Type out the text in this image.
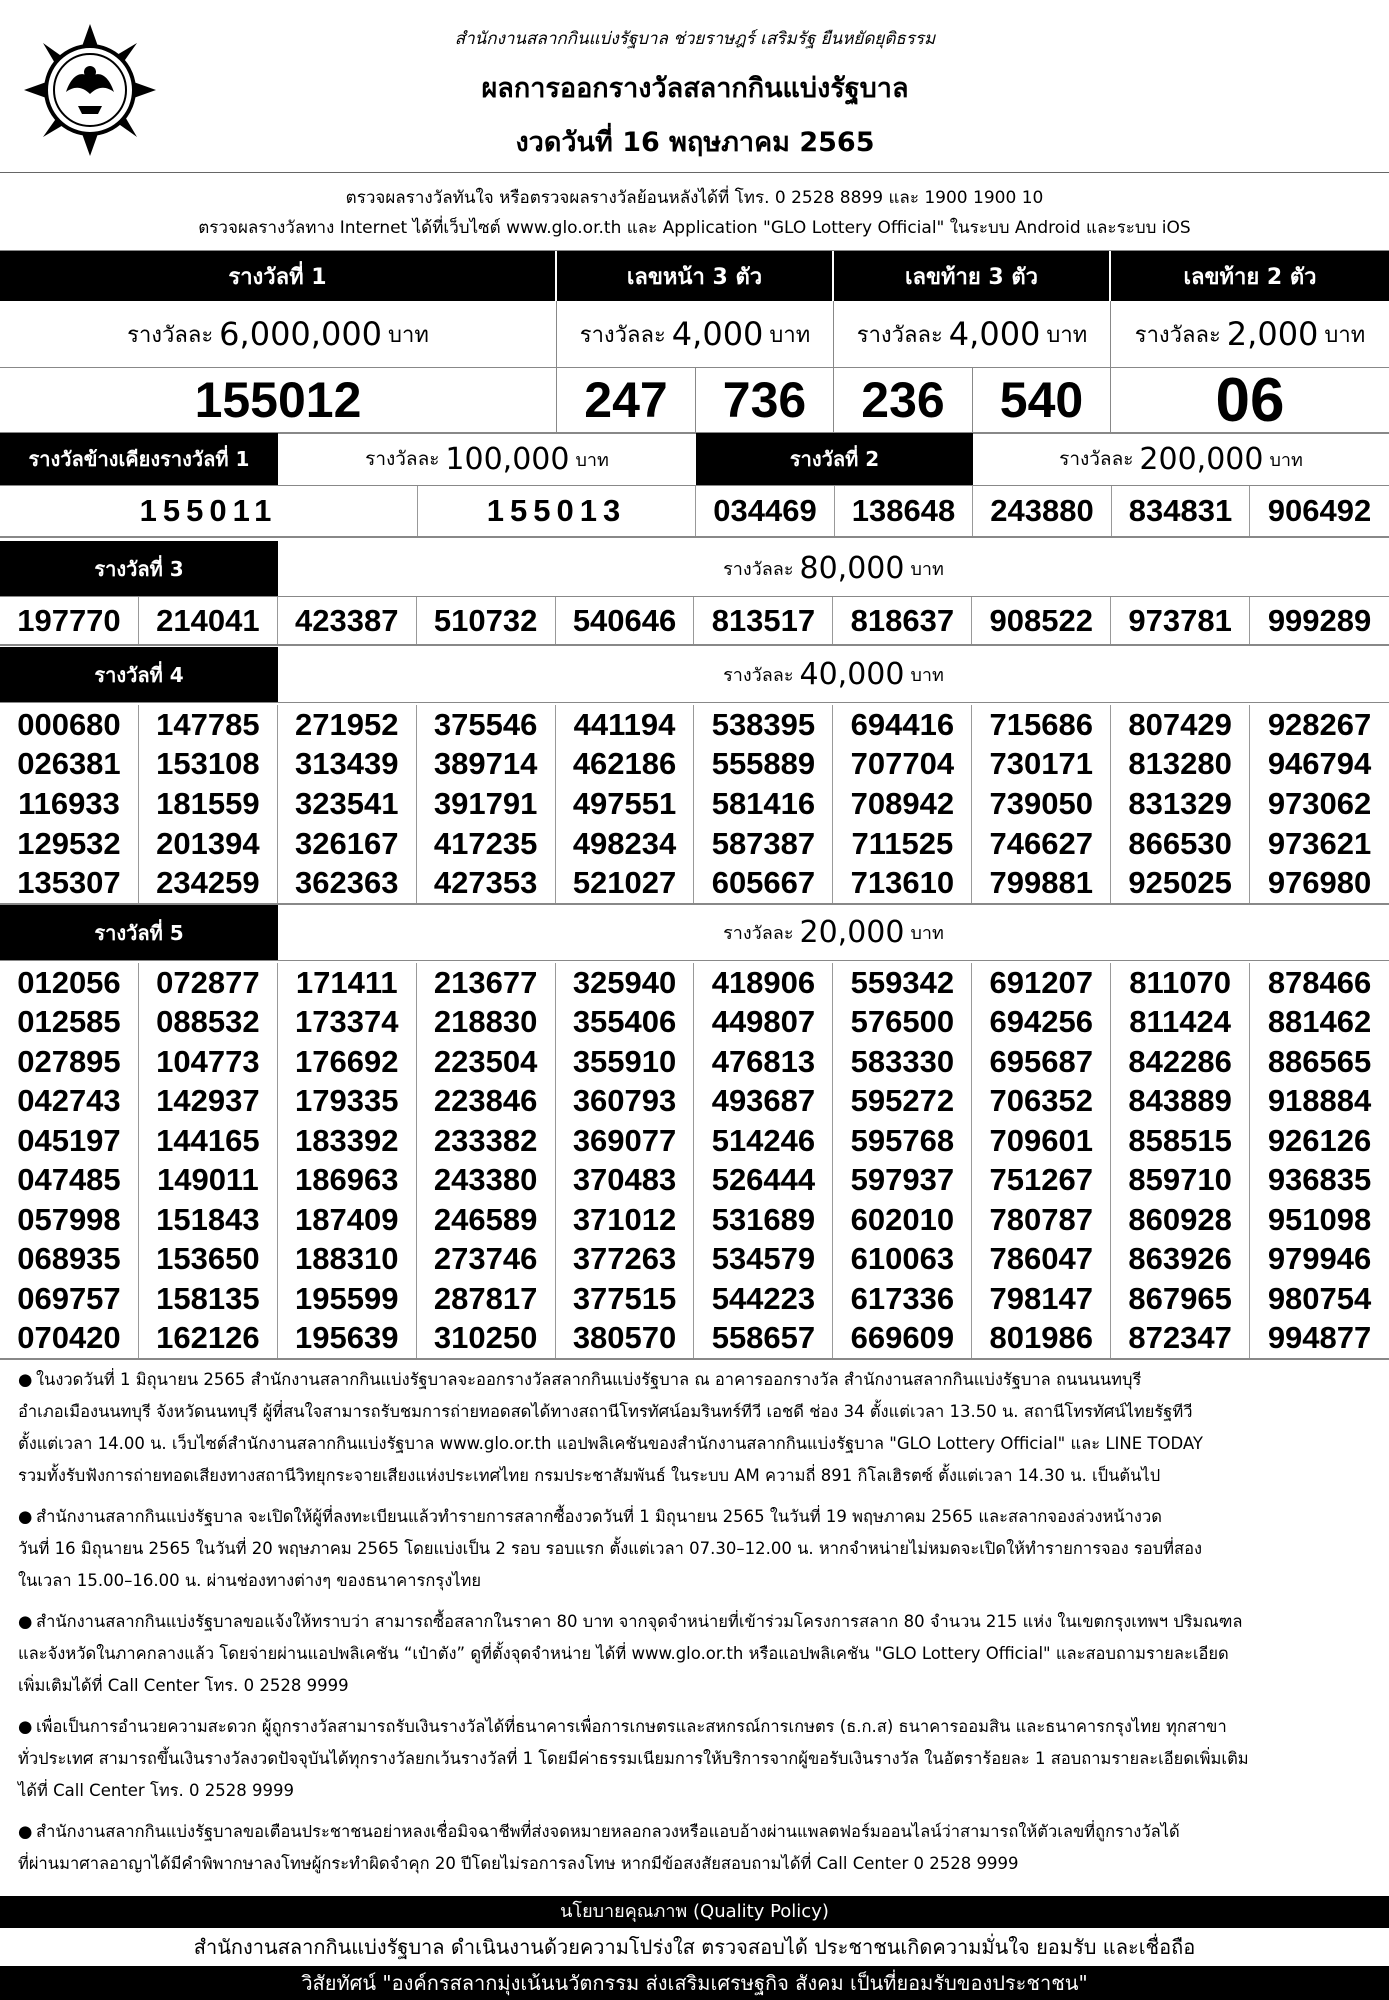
สำนักงานสลากกินแบ่งรัฐบาล ช่วยราษฎร์ เสริมรัฐ ยืนหยัดยุติธรรม
ผลการออกรางวัลสลากกินแบ่งรัฐบาล
งวดวันที่ 16 พฤษภาคม 2565
ตรวจผลรางวัลทันใจ หรือตรวจผลรางวัลย้อนหลังได้ที่ โทร. 0 2528 8899 และ 1900 1900 10
ตรวจผลรางวัลทาง Internet ได้ที่เว็บไซต์ www.glo.or.th และ Application "GLO Lottery Official" ในระบบ Android และระบบ iOS
รางวัลที่ 1	เลขหน้า 3 ตัว	เลขท้าย 3 ตัว	เลขท้าย 2 ตัว
รางวัลละ 6,000,000 บาท	รางวัลละ 4,000 บาท รางวัลละ 4,000 บาท รางวัลละ 2,000 บาท
155012	247	736	236	540	06
รางวัลข้างเคียงรางวัลที่ 1	รางวัลละ 100,000 บาท	รางวัลที่ 2	รางวัลละ 200,000 บาท
155011	155013	034469	138648	243880	834831	906492
รางวัลที่ 3	รางวัลละ 80,000 บาท
197770	214041	423387	510732	540646	813517	818637	908522	973781	999289
รางวัลที่ 4	รางวัลละ 40,000 บาท
000680	147785	271952	375546	441194	538395	694416	715686	807429	928267
026381	153108	313439	389714	462186	555889	707704	730171	813280	946794
116933	181559	323541	391791	497551	581416	708942	739050	831329	973062
129532	201394	326167	417235	498234	587387	711525	746627	866530	973621
135307	234259	362363	427353	521027	605667	713610	799881	925025	976980
รางวัลที่ 5	รางวัลละ 20,000 บาท
012056	072877	171411	213677	325940	418906	559342	691207	811070	878466
012585	088532	173374	218830	355406	449807	576500	694256	811424	881462
027895	104773	176692	223504	355910	476813	583330	695687	842286	886565
042743	142937	179335	223846	360793	493687	595272	706352	843889	918884
045197	144165	183392	233382	369077	514246	595768	709601	858515	926126
047485	149011	186963	243380	370483	526444	597937	751267	859710	936835
057998	151843	187409	246589	371012	531689	602010	780787	860928	951098
068935	153650	188310	273746	377263	534579	610063	786047	863926	979946
069757	158135	195599	287817	377515	544223	617336	798147	867965	980754
070420	162126	195639	310250	380570	558657	669609	801986	872347	994877
● ในงวดวันที่ 1 มิถุนายน 2565 สำนักงานสลากกินแบ่งรัฐบาลจะออกรางวัลสลากกินแบ่งรัฐบาล ณ อาคารออกรางวัล สำนักงานสลากกินแบ่งรัฐบาล ถนนนนทบุรี
อำเภอเมืองนนทบุรี จังหวัดนนทบุรี ผู้ที่สนใจสามารถรับชมการถ่ายทอดสดได้ทางสถานีโทรทัศน์อมรินทร์ทีวี เอชดี ช่อง 34 ตั้งแต่เวลา 13.50 น. สถานีโทรทัศน์ไทยรัฐทีวี
ตั้งแต่เวลา 14.00 น. เว็บไซต์สำนักงานสลากกินแบ่งรัฐบาล www.glo.or.th แอปพลิเคชันของสำนักงานสลากกินแบ่งรัฐบาล "GLO Lottery Official" และ LINE TODAY
รวมทั้งรับฟังการถ่ายทอดเสียงทางสถานีวิทยุกระจายเสียงแห่งประเทศไทย กรมประชาสัมพันธ์ ในระบบ AM ความถี่ 891 กิโลเฮิรตซ์ ตั้งแต่เวลา 14.30 น. เป็นต้นไป
● สำนักงานสลากกินแบ่งรัฐบาล จะเปิดให้ผู้ที่ลงทะเบียนแล้วทำรายการสลากซื้องวดวันที่ 1 มิถุนายน 2565 ในวันที่ 19 พฤษภาคม 2565 และสลากจองล่วงหน้างวด
วันที่ 16 มิถุนายน 2565 ในวันที่ 20 พฤษภาคม 2565 โดยแบ่งเป็น 2 รอบ รอบแรก ตั้งแต่เวลา 07.30–12.00 น. หากจำหน่ายไม่หมดจะเปิดให้ทำรายการจอง รอบที่สอง
ในเวลา 15.00–16.00 น. ผ่านช่องทางต่างๆ ของธนาคารกรุงไทย
● สำนักงานสลากกินแบ่งรัฐบาลขอแจ้งให้ทราบว่า สามารถซื้อสลากในราคา 80 บาท จากจุดจำหน่ายที่เข้าร่วมโครงการสลาก 80 จำนวน 215 แห่ง ในเขตกรุงเทพฯ ปริมณฑล
และจังหวัดในภาคกลางแล้ว โดยจ่ายผ่านแอปพลิเคชัน “เป๋าตัง” ดูที่ตั้งจุดจำหน่าย ได้ที่ www.glo.or.th หรือแอปพลิเคชัน "GLO Lottery Official" และสอบถามรายละเอียด
เพิ่มเติมได้ที่ Call Center โทร. 0 2528 9999
● เพื่อเป็นการอำนวยความสะดวก ผู้ถูกรางวัลสามารถรับเงินรางวัลได้ที่ธนาคารเพื่อการเกษตรและสหกรณ์การเกษตร (ธ.ก.ส) ธนาคารออมสิน และธนาคารกรุงไทย ทุกสาขา
ทั่วประเทศ สามารถขึ้นเงินรางวัลงวดปัจจุบันได้ทุกรางวัลยกเว้นรางวัลที่ 1 โดยมีค่าธรรมเนียมการให้บริการจากผู้ขอรับเงินรางวัล ในอัตราร้อยละ 1 สอบถามรายละเอียดเพิ่มเติม
ได้ที่ Call Center โทร. 0 2528 9999
● สำนักงานสลากกินแบ่งรัฐบาลขอเตือนประชาชนอย่าหลงเชื่อมิจฉาชีพที่ส่งจดหมายหลอกลวงหรือแอบอ้างผ่านแพลตฟอร์มออนไลน์ว่าสามารถให้ตัวเลขที่ถูกรางวัลได้
ที่ผ่านมาศาลอาญาได้มีคำพิพากษาลงโทษผู้กระทำผิดจำคุก 20 ปีโดยไม่รอการลงโทษ หากมีข้อสงสัยสอบถามได้ที่ Call Center 0 2528 9999
นโยบายคุณภาพ (Quality Policy)
สำนักงานสลากกินแบ่งรัฐบาล ดำเนินงานด้วยความโปร่งใส ตรวจสอบได้ ประชาชนเกิดความมั่นใจ ยอมรับ และเชื่อถือ
วิสัยทัศน์ "องค์กรสลากมุ่งเน้นนวัตกรรม ส่งเสริมเศรษฐกิจ สังคม เป็นที่ยอมรับของประชาชน"
